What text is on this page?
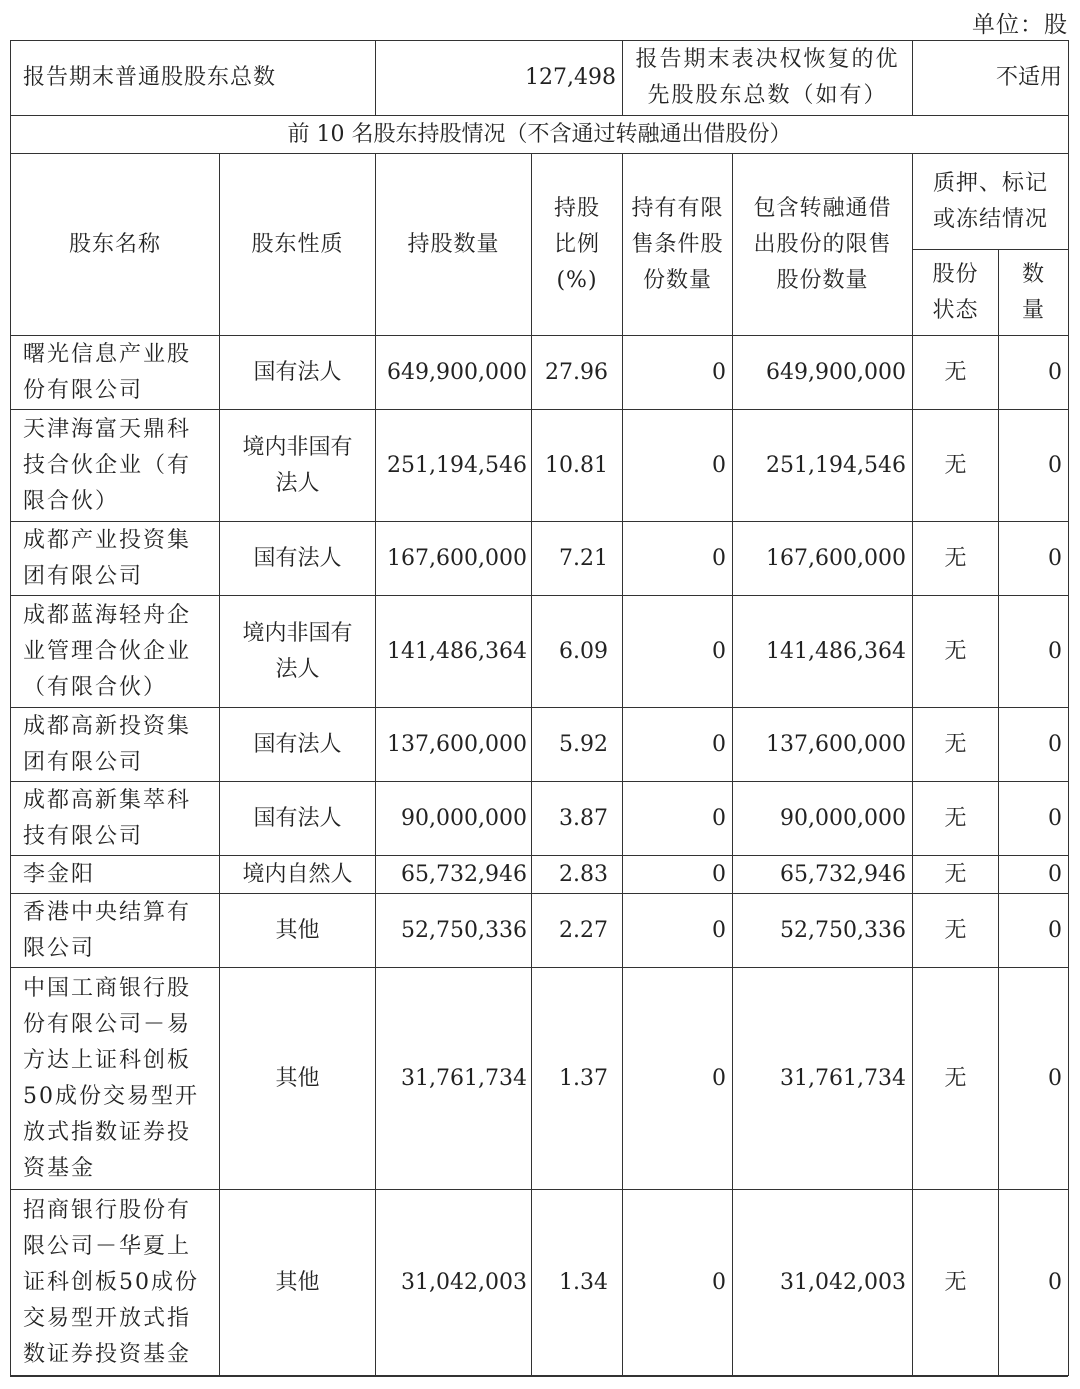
单位：股
报告期末普通股股东总数		127,498		报告期末表决权恢复的优先股股东总数（如有）		不适用	
前 10 名股东持股情况（不含通过转融通出借股份）							
股东名称	股东性质	持股数量	持股比例(%)	持有有限售条件股份数量	包含转融通借出股份的限售股份数量	质押、标记或冻结情况	
						股份状态	数量
曙光信息产业股份有限公司	国有法人	649,900,000	27.96	0	649,900,000	无	0
天津海富天鼎科技合伙企业（有限合伙）	境内非国有法人	251,194,546	10.81	0	251,194,546	无	0
成都产业投资集团有限公司	国有法人	167,600,000	7.21	0	167,600,000	无	0
成都蓝海轻舟企业管理合伙企业（有限合伙）	境内非国有法人	141,486,364	6.09	0	141,486,364	无	0
成都高新投资集团有限公司	国有法人	137,600,000	5.92	0	137,600,000	无	0
成都高新集萃科技有限公司	国有法人	90,000,000	3.87	0	90,000,000	无	0
李金阳	境内自然人	65,732,946	2.83	0	65,732,946	无	0
香港中央结算有限公司	其他	52,750,336	2.27	0	52,750,336	无	0
中国工商银行股份有限公司－易方达上证科创板50成份交易型开放式指数证券投资基金	其他	31,761,734	1.37	0	31,761,734	无	0
招商银行股份有限公司－华夏上证科创板50成份交易型开放式指数证券投资基金	其他	31,042,003	1.34	0	31,042,003	无	0
